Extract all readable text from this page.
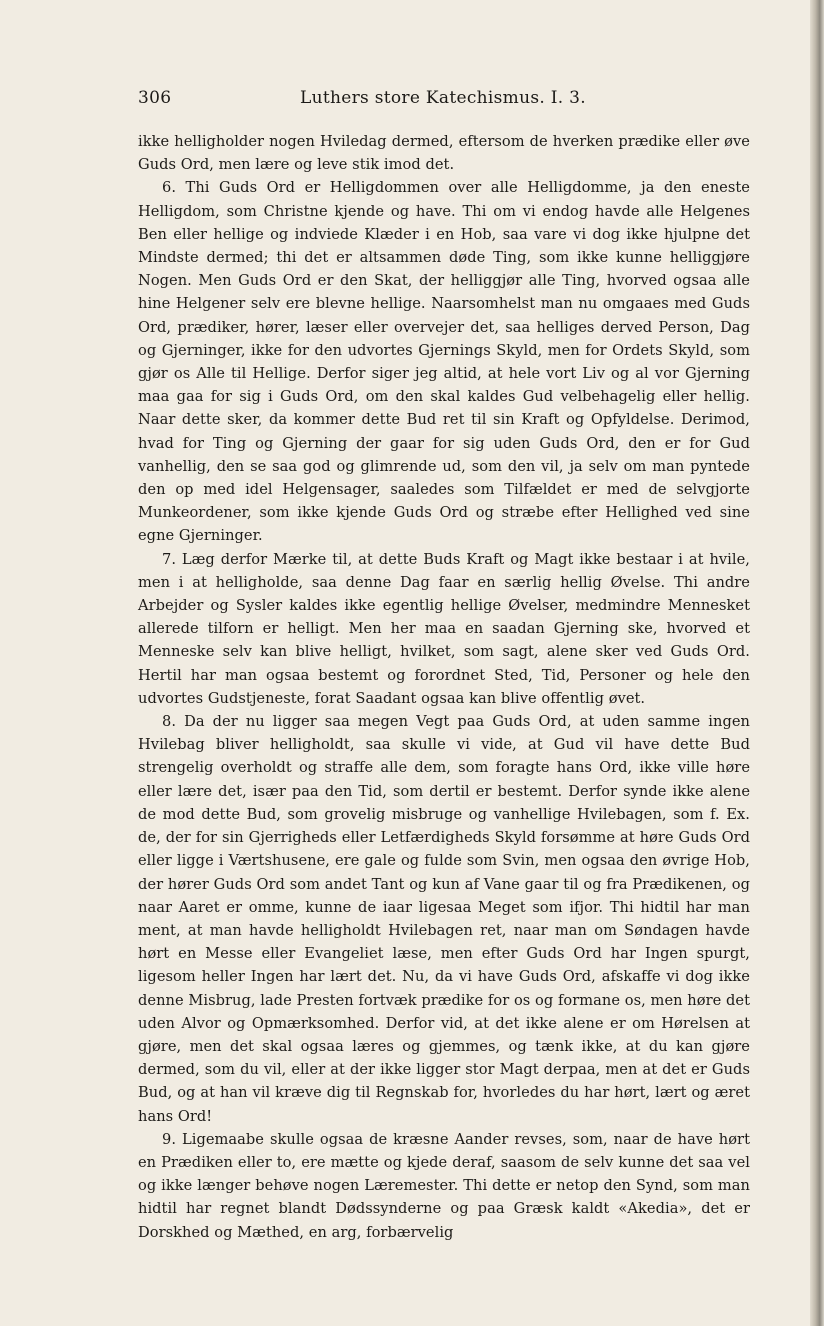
306	Luthers store Katechismus. I. 3.

ikke helligholder nogen Hviledag dermed, eftersom de hverken prædike eller øve Guds Ord, men lære og leve stik imod det.

6. Thi Guds Ord er Helligdommen over alle Helligdomme, ja den eneste Helligdom, som Christne kjende og have. Thi om vi endog havde alle Helgenes Ben eller hellige og indviede Klæder i en Hob, saa vare vi dog ikke hjulpne det Mindste dermed; thi det er altsammen døde Ting, som ikke kunne helliggjøre Nogen. Men Guds Ord er den Skat, der helliggjør alle Ting, hvorved ogsaa alle hine Helgener selv ere blevne hellige. Naarsomhelst man nu omgaaes med Guds Ord, prædiker, hører, læser eller overvejer det, saa helliges derved Person, Dag og Gjerninger, ikke for den udvortes Gjernings Skyld, men for Ordets Skyld, som gjør os Alle til Hellige. Derfor siger jeg altid, at hele vort Liv og al vor Gjerning maa gaa for sig i Guds Ord, om den skal kaldes Gud velbehagelig eller hellig. Naar dette sker, da kommer dette Bud ret til sin Kraft og Opfyldelse. Derimod, hvad for Ting og Gjerning der gaar for sig uden Guds Ord, den er for Gud vanhellig, den se saa god og glimrende ud, som den vil, ja selv om man pyntede den op med idel Helgensager, saaledes som Tilfældet er med de selvgjorte Munkeordener, som ikke kjende Guds Ord og stræbe efter Hellighed ved sine egne Gjerninger.

7. Læg derfor Mærke til, at dette Buds Kraft og Magt ikke bestaar i at hvile, men i at helligholde, saa denne Dag faar en særlig hellig Øvelse. Thi andre Arbejder og Sysler kaldes ikke egentlig hellige Øvelser, medmindre Mennesket allerede tilforn er helligt. Men her maa en saadan Gjerning ske, hvorved et Menneske selv kan blive helligt, hvilket, som sagt, alene sker ved Guds Ord. Hertil har man ogsaa bestemt og forordnet Sted, Tid, Personer og hele den udvortes Gudstjeneste, forat Saadant ogsaa kan blive offentlig øvet.

8. Da der nu ligger saa megen Vegt paa Guds Ord, at uden samme ingen Hvilebag bliver helligholdt, saa skulle vi vide, at Gud vil have dette Bud strengelig overholdt og straffe alle dem, som foragte hans Ord, ikke ville høre eller lære det, især paa den Tid, som dertil er bestemt. Derfor synde ikke alene de mod dette Bud, som grovelig misbruge og vanhellige Hvilebagen, som f. Ex. de, der for sin Gjerrigheds eller Letfærdigheds Skyld forsømme at høre Guds Ord eller ligge i Værtshusene, ere gale og fulde som Svin, men ogsaa den øvrige Hob, der hører Guds Ord som andet Tant og kun af Vane gaar til og fra Prædikenen, og naar Aaret er omme, kunne de iaar ligesaa Meget som ifjor. Thi hidtil har man ment, at man havde helligholdt Hvilebagen ret, naar man om Søndagen havde hørt en Messe eller Evangeliet læse, men efter Guds Ord har Ingen spurgt, ligesom heller Ingen har lært det. Nu, da vi have Guds Ord, afskaffe vi dog ikke denne Misbrug, lade Presten fortvæk prædike for os og formane os, men høre det uden Alvor og Opmærksomhed. Derfor vid, at det ikke alene er om Hørelsen at gjøre, men det skal ogsaa læres og gjemmes, og tænk ikke, at du kan gjøre dermed, som du vil, eller at der ikke ligger stor Magt derpaa, men at det er Guds Bud, og at han vil kræve dig til Regnskab for, hvorledes du har hørt, lært og æret hans Ord!

9. Ligemaabe skulle ogsaa de kræsne Aander revses, som, naar de have hørt en Prædiken eller to, ere mætte og kjede deraf, saasom de selv kunne det saa vel og ikke længer behøve nogen Læremester. Thi dette er netop den Synd, som man hidtil har regnet blandt Dødssynderne og paa Græsk kaldt «Akedia», det er Dorskhed og Mæthed, en arg, forbærvelig
